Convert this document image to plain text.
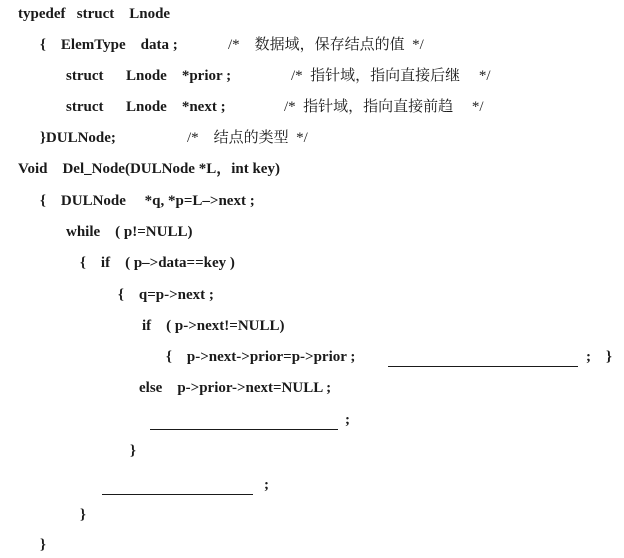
typedef   struct    Lnode
{    ElemType    data ;	/*    数据域，保存结点的值  */
struct      Lnode    *prior ;	/*  指针域，指向直接后继     */
struct      Lnode    *next ;	/*  指针域，指向直接前趋     */
}DULNode;	/*    结点的类型  */
Void    Del_Node(DULNode *L，int key)
{    DULNode     *q, *p=L–>next ;
while    ( p!=NULL)
{    if    ( p–>data==key )
{    q=p->next ;
if    ( p->next!=NULL)
{    p->next->prior=p->prior ;	; }
else    p->prior->next=NULL ;
;
}
;
}
}
